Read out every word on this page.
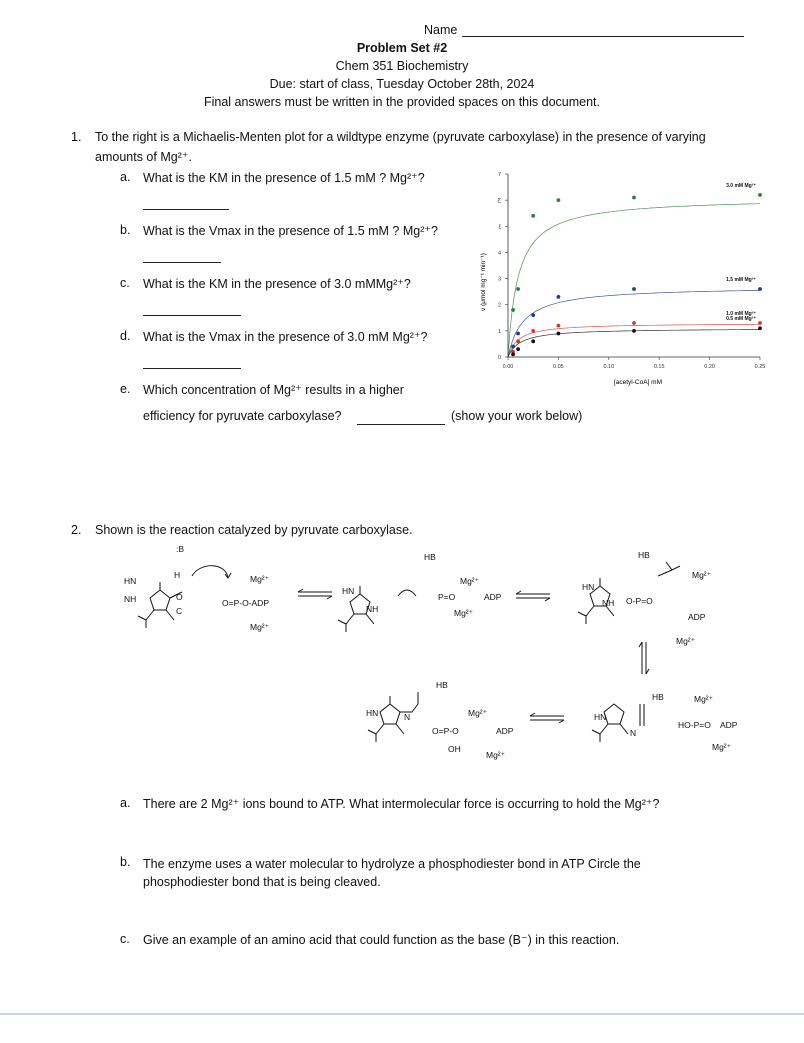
Name
Problem Set #2
Chem 351 Biochemistry
Due: start of class, Tuesday October 28th, 2024
Final answers must be written in the provided spaces on this document.
1. To the right is a Michaelis-Menten plot for a wildtype enzyme (pyruvate carboxylase) in the presence of varying
amounts of Mg²⁺.
a. What is the KM in the presence of 1.5 mM ? Mg²⁺?
b. What is the Vmax in the presence of 1.5 mM ? Mg²⁺?
c. What is the KM in the presence of 3.0 mMMg²⁺?
d. What is the Vmax in the presence of 3.0 mM Mg²⁺?
e. Which concentration of Mg²⁺ results in a higher
efficiency for pyruvate carboxylase?	(show your work below)
0.00	0.05	0.10	0.15	0.20	0.25
0
1
2
3
4
ξ
Ƹ
7
3.0 mM Mg²⁺
1.5 mM Mg²⁺
1.0 mM Mg²⁺
0.5 mM Mg²⁺
[acetyl-CoA] mM
v (μmol mg⁻¹ min⁻¹)
2. Shown is the reaction catalyzed by pyruvate carboxylase.
:B
HN
NH
H
O
C
Mg²⁺
O=P-O-ADP
Mg²⁺
HB
HN
NH
Mg²⁺
P=O	ADP
Mg²⁺
HB
HN
NH O-P=O
Mg²⁺
ADP
Mg²⁺
HB	Mg²⁺
HN
N
HO-P=O ADP
Mg²⁺
HB
HN	N	Mg²⁺
O=P-O	ADP
OH
Mg²⁺
a. There are 2 Mg²⁺ ions bound to ATP. What intermolecular force is occurring to hold the Mg²⁺?
b. The enzyme uses a water molecular to hydrolyze a phosphodiester bond in ATP Circle the
phosphodiester bond that is being cleaved.
c. Give an example of an amino acid that could function as the base (B⁻) in this reaction.
